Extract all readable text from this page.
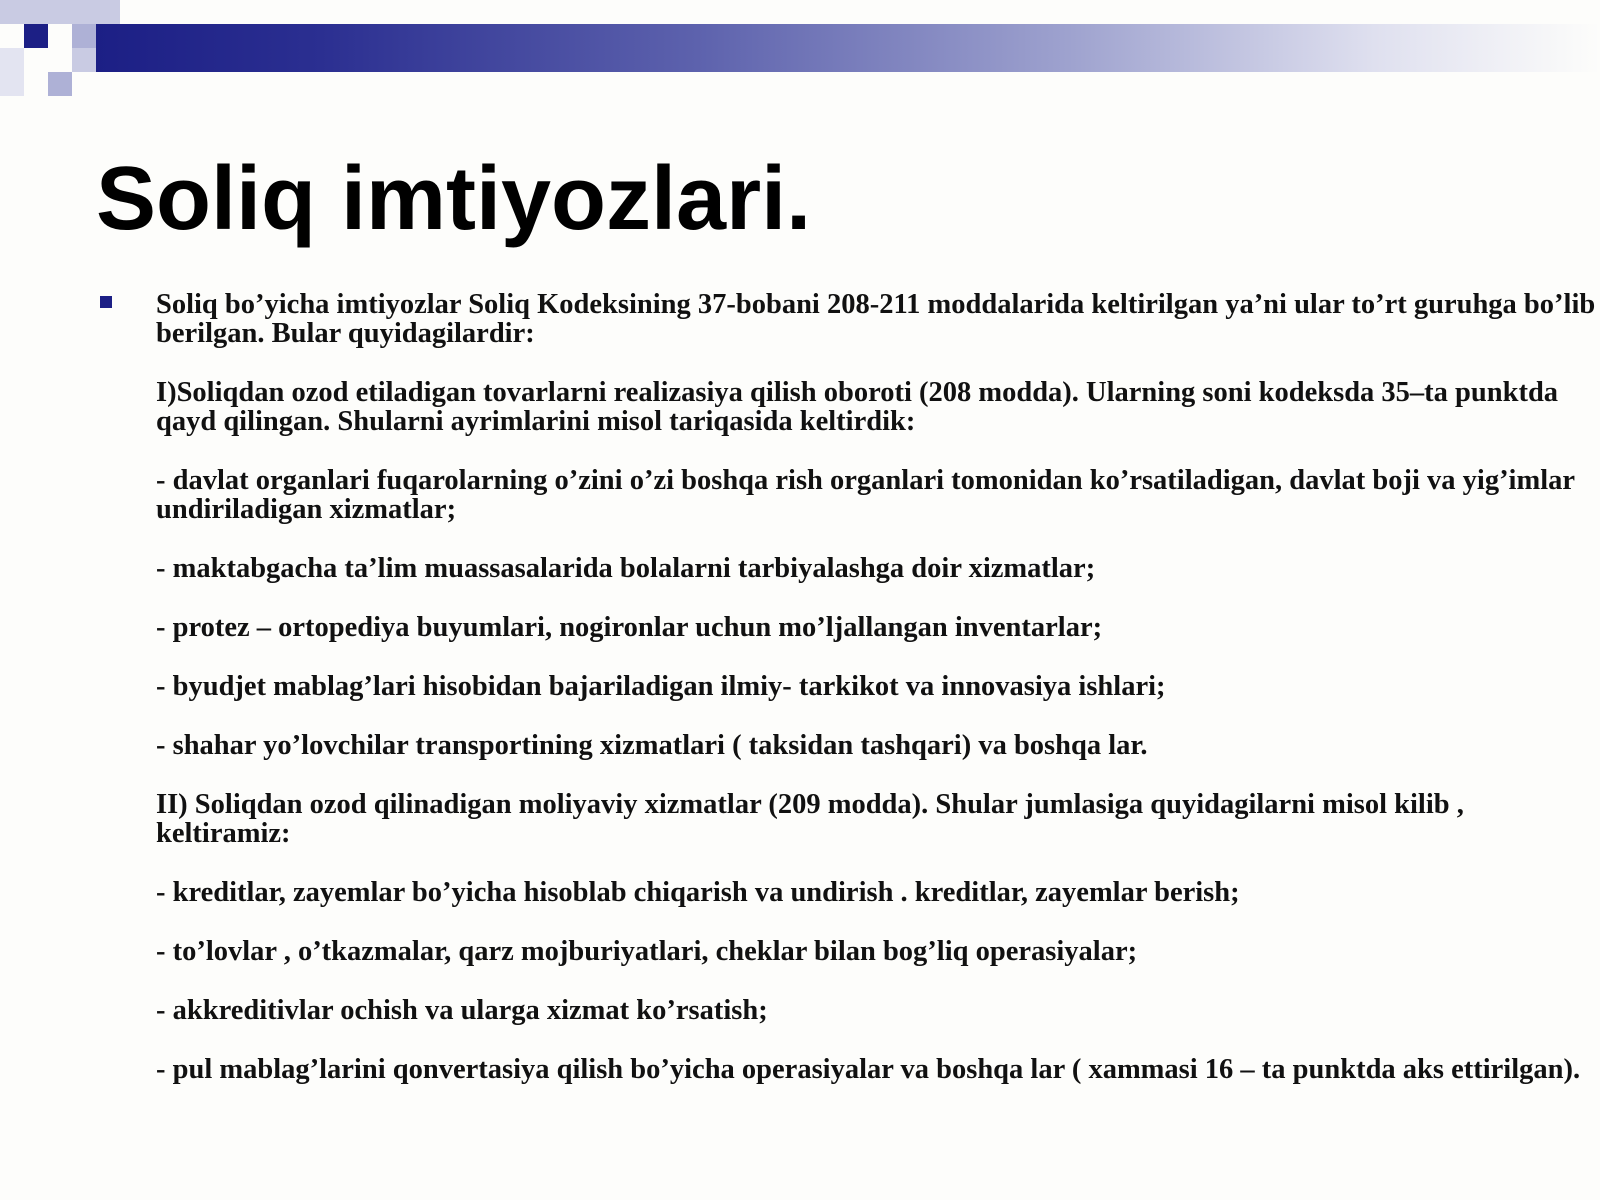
Soliq imtiyozlari.

Soliq bo’yicha imtiyozlar Soliq Kodeksining 37-bobani 208-211 moddalarida keltirilgan ya’ni ular to’rt guruhga bo’lib berilgan. Bular quyidagilardir:

I)Soliqdan ozod etiladigan tovarlarni realizasiya qilish oboroti (208 modda). Ularning soni kodeksda 35–ta punktda qayd qilingan. Shularni ayrimlarini misol tariqasida keltirdik:

- davlat organlari fuqarolarning o’zini o’zi boshqa rish organlari tomonidan ko’rsatiladigan, davlat boji va yig’imlar undiriladigan xizmatlar;

- maktabgacha ta’lim muassasalarida bolalarni tarbiyalashga doir xizmatlar;

- protez – ortopediya buyumlari, nogironlar uchun mo’ljallangan inventarlar;

- byudjet mablag’lari hisobidan bajariladigan ilmiy- tarkikot va innovasiya ishlari;

- shahar yo’lovchilar transportining xizmatlari ( taksidan tashqari) va boshqa lar.

II) Soliqdan ozod qilinadigan moliyaviy xizmatlar (209 modda). Shular jumlasiga quyidagilarni misol kilib , keltiramiz:

- kreditlar, zayemlar bo’yicha hisoblab chiqarish va undirish . kreditlar, zayemlar berish;

- to’lovlar , o’tkazmalar, qarz mojburiyatlari, cheklar bilan bog’liq operasiyalar;

- akkreditivlar ochish va ularga xizmat ko’rsatish;

- pul mablag’larini qonvertasiya qilish bo’yicha operasiyalar va boshqa lar ( xammasi 16 – ta punktda aks ettirilgan).
